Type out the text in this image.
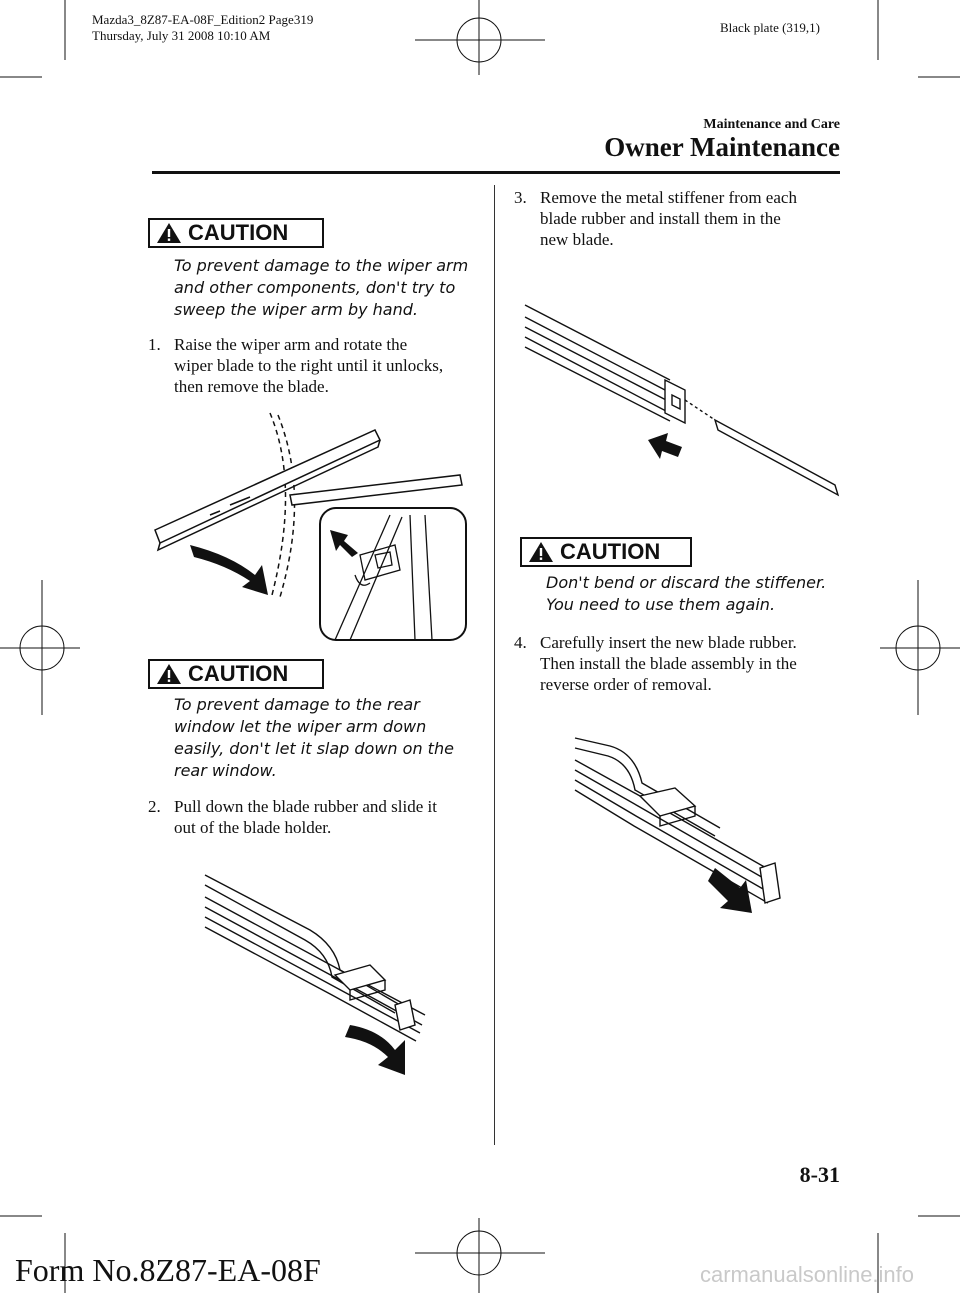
Mazda3_8Z87-EA-08F_Edition2 Page319
Thursday, July 31 2008 10:10 AM
Black plate (319,1)
Maintenance and Care
Owner Maintenance
CAUTION
To prevent damage to the wiper arm
and other components, don't try to
sweep the wiper arm by hand.
1. Raise the wiper arm and rotate the
wiper blade to the right until it unlocks,
then remove the blade.
CAUTION
To prevent damage to the rear
window let the wiper arm down
easily, don't let it slap down on the
rear window.
2. Pull down the blade rubber and slide it
out of the blade holder.
3. Remove the metal stiffener from each
blade rubber and install them in the
new blade.
CAUTION
Don't bend or discard the stiffener.
You need to use them again.
4. Carefully insert the new blade rubber.
Then install the blade assembly in the
reverse order of removal.
8-31
Form No.8Z87-EA-08F	carmanualsonline.info
